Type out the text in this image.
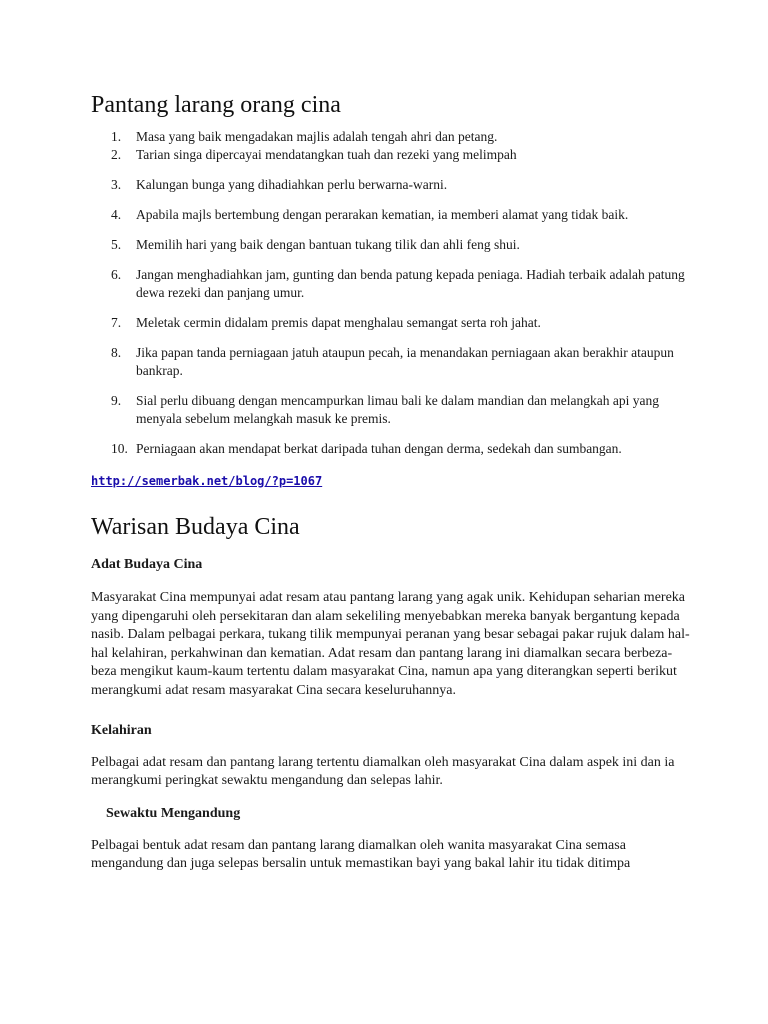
Pantang larang orang cina
1.	Masa yang baik mengadakan majlis adalah tengah ahri dan petang.
2.	Tarian singa dipercayai mendatangkan tuah dan rezeki yang melimpah
3.	Kalungan bunga yang dihadiahkan perlu berwarna-warni.
4.	Apabila majls bertembung dengan perarakan kematian, ia memberi alamat yang tidak baik.
5.	Memilih hari yang baik dengan bantuan tukang tilik dan ahli feng shui.
6.	Jangan menghadiahkan jam, gunting dan benda patung kepada peniaga. Hadiah terbaik adalah patung dewa rezeki dan panjang umur.
7.	Meletak cermin didalam premis dapat menghalau semangat serta roh jahat.
8.	Jika papan tanda perniagaan jatuh ataupun pecah, ia menandakan perniagaan akan berakhir ataupun bankrap.
9.	Sial perlu dibuang dengan mencampurkan limau bali ke dalam mandian dan melangkah api yang menyala sebelum melangkah masuk ke premis.
10. Perniagaan akan mendapat berkat daripada tuhan dengan derma, sedekah dan sumbangan.
http://semerbak.net/blog/?p=1067
Warisan Budaya Cina
Adat Budaya Cina

Masyarakat Cina mempunyai adat resam atau pantang larang yang agak unik. Kehidupan seharian mereka yang dipengaruhi oleh persekitaran dan alam sekeliling menyebabkan mereka banyak bergantung kepada nasib. Dalam pelbagai perkara, tukang tilik mempunyai peranan yang besar sebagai pakar rujuk dalam hal-hal kelahiran, perkahwinan dan kematian. Adat resam dan pantang larang ini diamalkan secara berbeza-beza mengikut kaum-kaum tertentu dalam masyarakat Cina, namun apa yang diterangkan seperti berikut merangkumi adat resam masyarakat Cina secara keseluruhannya.

Kelahiran

Pelbagai adat resam dan pantang larang tertentu diamalkan oleh masyarakat Cina dalam aspek ini dan ia merangkumi peringkat sewaktu mengandung dan selepas lahir.

Sewaktu Mengandung

Pelbagai bentuk adat resam dan pantang larang diamalkan oleh wanita masyarakat Cina semasa mengandung dan juga selepas bersalin untuk memastikan bayi yang bakal lahir itu tidak ditimpa
